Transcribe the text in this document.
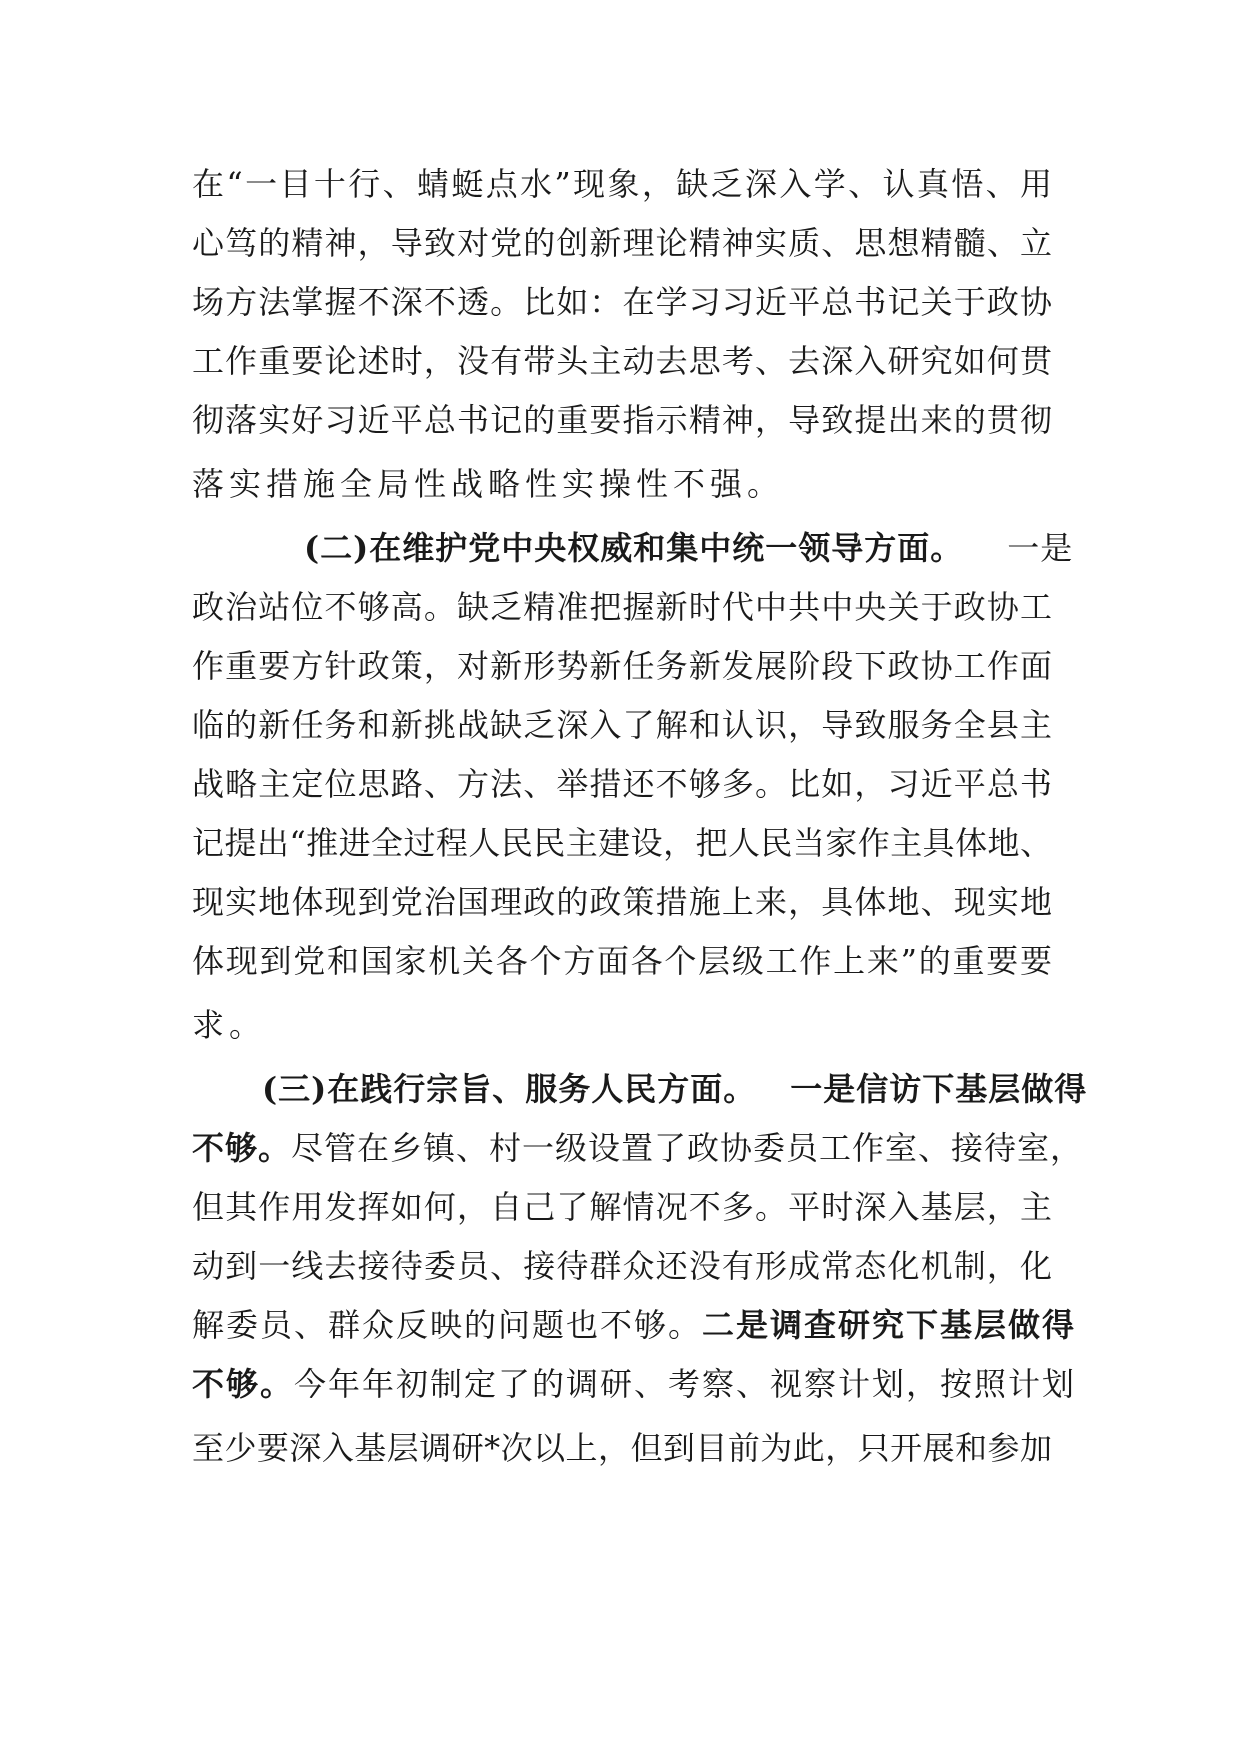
在“一目十行、蜻蜓点水”现象，缺乏深入学、认真悟、用
心笃的精神，导致对党的创新理论精神实质、思想精髓、立
场方法掌握不深不透。比如：在学习习近平总书记关于政协
工作重要论述时，没有带头主动去思考、去深入研究如何贯
彻落实好习近平总书记的重要指示精神，导致提出来的贯彻
落实措施全局性战略性实操性不强。
(二)在维护党中央权威和集中统一领导方面。 一是
政治站位不够高。缺乏精准把握新时代中共中央关于政协工
作重要方针政策，对新形势新任务新发展阶段下政协工作面
临的新任务和新挑战缺乏深入了解和认识，导致服务全县主
战略主定位思路、方法、举措还不够多。比如，习近平总书
记提出“推进全过程人民民主建设，把人民当家作主具体地、
现实地体现到党治国理政的政策措施上来，具体地、现实地
体现到党和国家机关各个方面各个层级工作上来”的重要要
求。
(三)在践行宗旨、服务人民方面。 一是信访下基层做得
不够。尽管在乡镇、村一级设置了政协委员工作室、接待室，
但其作用发挥如何，自己了解情况不多。平时深入基层，主
动到一线去接待委员、接待群众还没有形成常态化机制，化
解委员、群众反映的问题也不够。二是调查研究下基层做得
不够。今年年初制定了的调研、考察、视察计划，按照计划
至少要深入基层调研*次以上，但到目前为此，只开展和参加
